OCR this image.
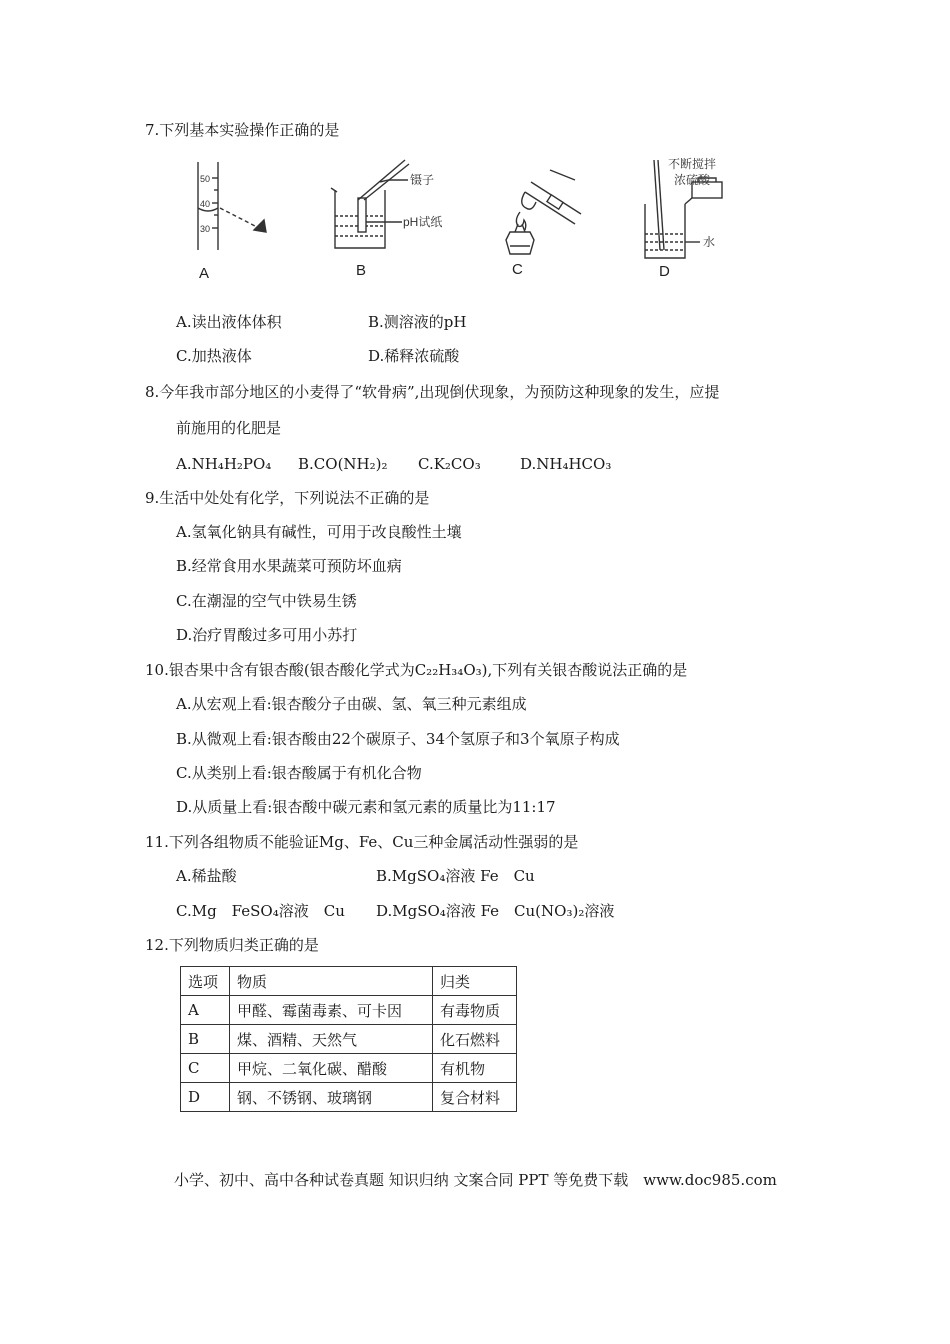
7.下列基本实验操作正确的是
50
40
30
A
镊子
pH试纸
B	C
不断搅拌
浓硫酸
水
D
A.读出液体体积	B.测溶液的pH
C.加热液体	D.稀释浓硫酸
8.今年我市部分地区的小麦得了“软骨病”,出现倒伏现象，为预防这种现象的发生，应提
前施用的化肥是
A.NH₄H₂PO₄ B.CO(NH₂)₂ C.K₂CO₃	D.NH₄HCO₃
9.生活中处处有化学，下列说法不正确的是
A.氢氧化钠具有碱性，可用于改良酸性土壤
B.经常食用水果蔬菜可预防坏血病
C.在潮湿的空气中铁易生锈
D.治疗胃酸过多可用小苏打
10.银杏果中含有银杏酸(银杏酸化学式为C₂₂H₃₄O₃),下列有关银杏酸说法正确的是
A.从宏观上看:银杏酸分子由碳、氢、氧三种元素组成
B.从微观上看:银杏酸由22个碳原子、34个氢原子和3个氧原子构成
C.从类别上看:银杏酸属于有机化合物
D.从质量上看:银杏酸中碳元素和氢元素的质量比为11:17
11.下列各组物质不能验证Mg、Fe、Cu三种金属活动性强弱的是
A.稀盐酸	B.MgSO₄溶液 Fe　Cu
C.Mg　FeSO₄溶液　Cu D.MgSO₄溶液 Fe　Cu(NO₃)₂溶液
12.下列物质归类正确的是
选项	物质	归类
A	甲醛、霉菌毒素、可卡因	有毒物质
B	煤、酒精、天然气	化石燃料
C	甲烷、二氧化碳、醋酸	有机物
D	钢、不锈钢、玻璃钢	复合材料
小学、初中、高中各种试卷真题 知识归纳 文案合同 PPT 等免费下载　www.doc985.com
